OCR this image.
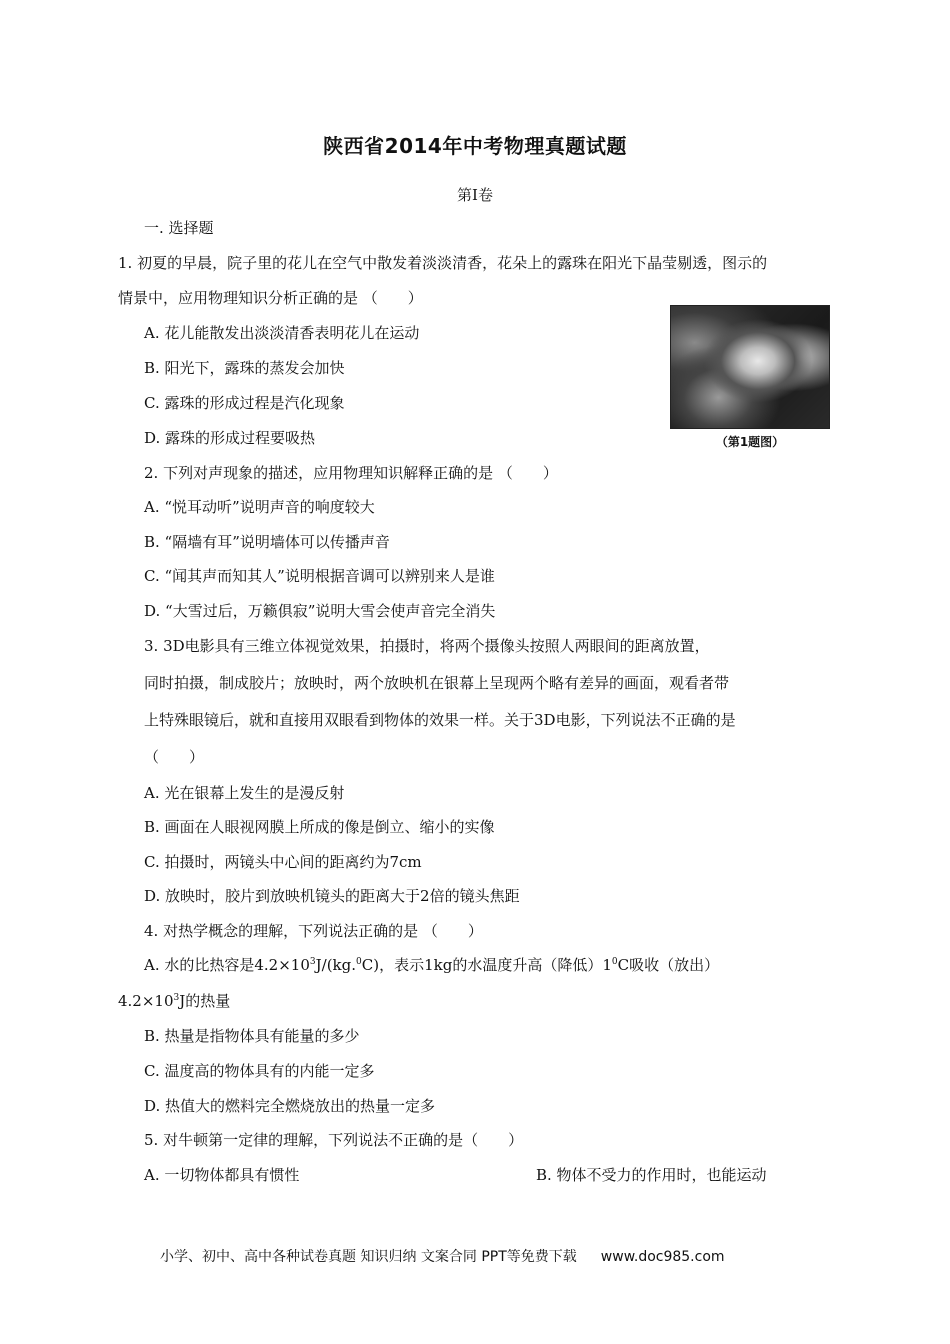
陕西省2014年中考物理真题试题
第Ⅰ卷
一. 选择题
1. 初夏的早晨，院子里的花儿在空气中散发着淡淡清香，花朵上的露珠在阳光下晶莹剔透，图示的
情景中，应用物理知识分析正确的是 （　　）
A. 花儿能散发出淡淡清香表明花儿在运动
B. 阳光下，露珠的蒸发会加快
C. 露珠的形成过程是汽化现象
D. 露珠的形成过程要吸热	（第1题图）
2. 下列对声现象的描述，应用物理知识解释正确的是 （　　）
A. “悦耳动听”说明声音的响度较大
B. “隔墙有耳”说明墙体可以传播声音
C. “闻其声而知其人”说明根据音调可以辨别来人是谁
D. “大雪过后，万籁俱寂”说明大雪会使声音完全消失
3. 3D电影具有三维立体视觉效果，拍摄时，将两个摄像头按照人两眼间的距离放置，
同时拍摄，制成胶片；放映时，两个放映机在银幕上呈现两个略有差异的画面，观看者带
上特殊眼镜后，就和直接用双眼看到物体的效果一样。关于3D电影，下列说法不正确的是
（　　）
A. 光在银幕上发生的是漫反射
B. 画面在人眼视网膜上所成的像是倒立、缩小的实像
C. 拍摄时，两镜头中心间的距离约为7cm
D. 放映时，胶片到放映机镜头的距离大于2倍的镜头焦距
4. 对热学概念的理解，下列说法正确的是 （　　）
A. 水的比热容是$4.2\times 10^3J/(kg.^0C)$，表示1kg的水温度升高（降低）$1^0C$吸收（放出）
$4.2\times 10^3J$的热量
B. 热量是指物体具有能量的多少
C. 温度高的物体具有的内能一定多
D. 热值大的燃料完全燃烧放出的热量一定多
5. 对牛顿第一定律的理解，下列说法不正确的是（　　）
A. 一切物体都具有惯性	B. 物体不受力的作用时，也能运动
小学、初中、高中各种试卷真题 知识归纳 文案合同 PPT等免费下载 www.doc985.com
